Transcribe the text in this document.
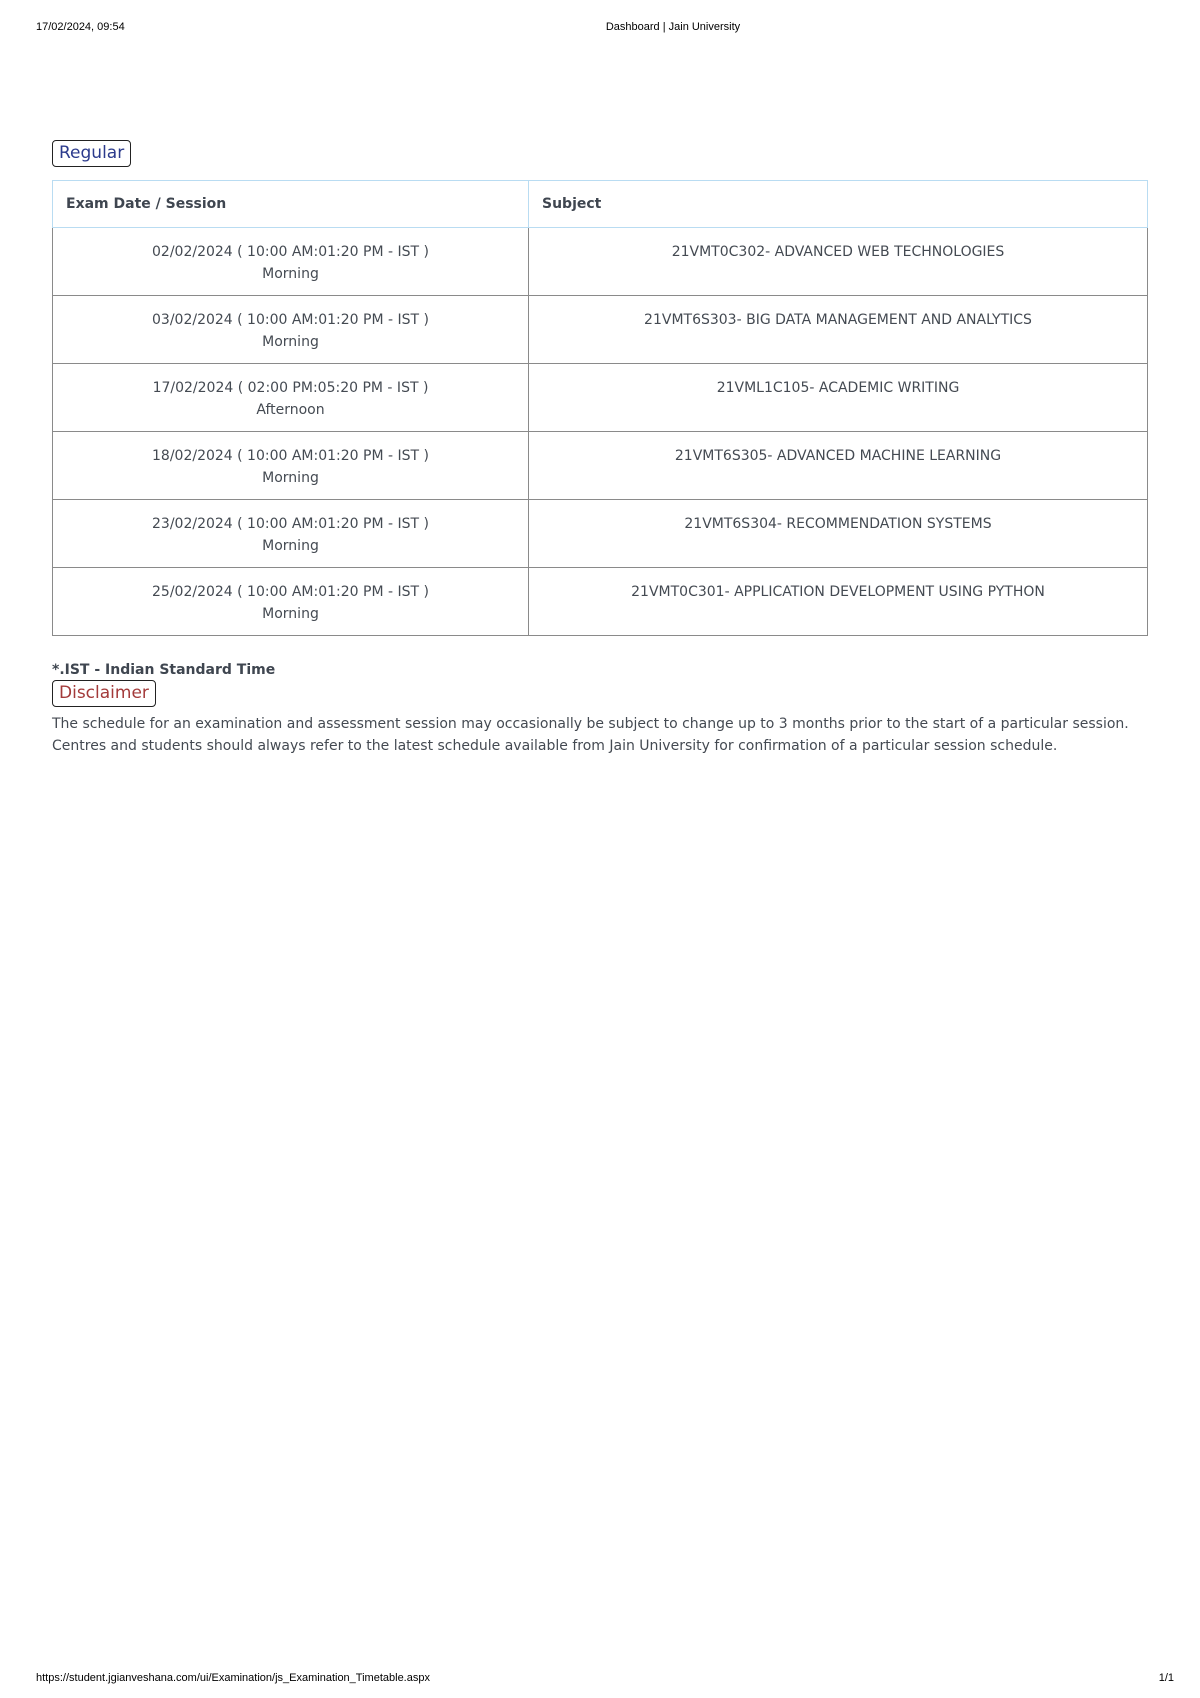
17/02/2024, 09:54	Dashboard | Jain University
Regular
Exam Date / Session	Subject

02/02/2024 ( 10:00 AM:01:20 PM - IST )
Morning	21VMT0C302- ADVANCED WEB TECHNOLOGIES

03/02/2024 ( 10:00 AM:01:20 PM - IST )
Morning	21VMT6S303- BIG DATA MANAGEMENT AND ANALYTICS

17/02/2024 ( 02:00 PM:05:20 PM - IST )
Afternoon	21VML1C105- ACADEMIC WRITING

18/02/2024 ( 10:00 AM:01:20 PM - IST )
Morning	21VMT6S305- ADVANCED MACHINE LEARNING

23/02/2024 ( 10:00 AM:01:20 PM - IST )
Morning	21VMT6S304- RECOMMENDATION SYSTEMS

25/02/2024 ( 10:00 AM:01:20 PM - IST )
Morning	21VMT0C301- APPLICATION DEVELOPMENT USING PYTHON
*.IST - Indian Standard Time
Disclaimer
The schedule for an examination and assessment session may occasionally be subject to change up to 3 months prior to the start of a particular session.
Centres and students should always refer to the latest schedule available from Jain University for confirmation of a particular session schedule.
https://student.jgianveshana.com/ui/Examination/js_Examination_Timetable.aspx	1/1
